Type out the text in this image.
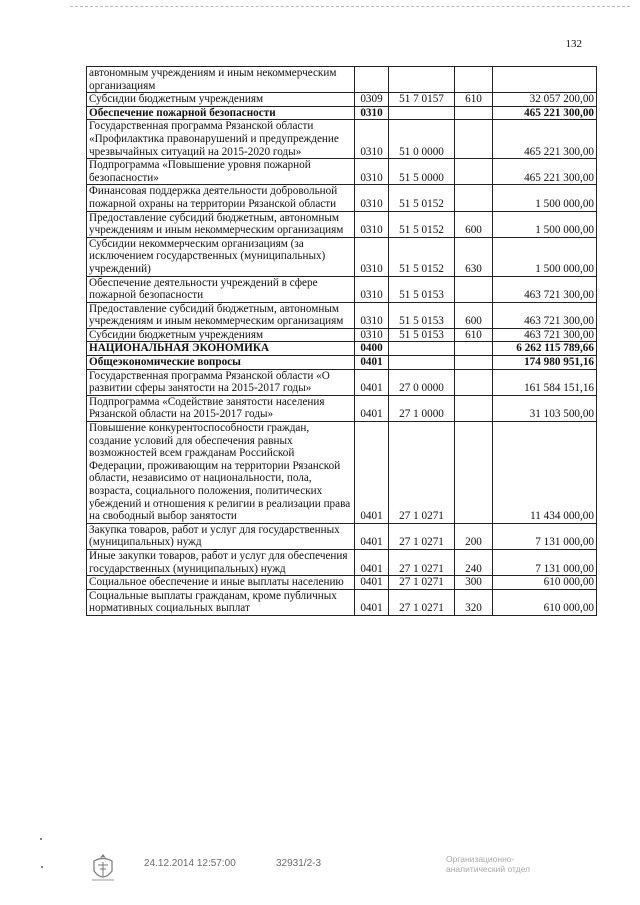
132
автономным учреждениям и иным некоммерческим организациям				
Субсидии бюджетным учреждениям	0309	51 7 0157	610	32 057 200,00
Обеспечение пожарной безопасности	0310			465 221 300,00
Государственная программа Рязанской области «Профилактика правонарушений и предупреждение чрезвычайных ситуаций на 2015-2020 годы»	0310	51 0 0000		465 221 300,00
Подпрограмма «Повышение уровня пожарной безопасности»	0310	51 5 0000		465 221 300,00
Финансовая поддержка деятельности добровольной пожарной охраны на территории Рязанской области	0310	51 5 0152		1 500 000,00
Предоставление субсидий бюджетным, автономным учреждениям и иным некоммерческим организациям	0310	51 5 0152	600	1 500 000,00
Субсидии некоммерческим организациям (за исключением государственных (муниципальных) учреждений)	0310	51 5 0152	630	1 500 000,00
Обеспечение деятельности учреждений в сфере пожарной безопасности	0310	51 5 0153		463 721 300,00
Предоставление субсидий бюджетным, автономным учреждениям и иным некоммерческим организациям	0310	51 5 0153	600	463 721 300,00
Субсидии бюджетным учреждениям	0310	51 5 0153	610	463 721 300,00
НАЦИОНАЛЬНАЯ ЭКОНОМИКА	0400			6 262 115 789,66
Общеэкономические вопросы	0401			174 980 951,16
Государственная программа Рязанской области «О развитии сферы занятости на 2015-2017 годы»	0401	27 0 0000		161 584 151,16
Подпрограмма «Содействие занятости населения Рязанской области на 2015-2017 годы»	0401	27 1 0000		31 103 500,00
Повышение конкурентоспособности граждан, создание условий для обеспечения равных возможностей всем гражданам Российской Федерации, проживающим на территории Рязанской области, независимо от национальности, пола, возраста, социального положения, политических убеждений и отношения к религии в реализации права на свободный выбор занятости	0401	27 1 0271		11 434 000,00
Закупка товаров, работ и услуг для государственных (муниципальных) нужд	0401	27 1 0271	200	7 131 000,00
Иные закупки товаров, работ и услуг для обеспечения государственных (муниципальных) нужд	0401	27 1 0271	240	7 131 000,00
Социальное обеспечение и иные выплаты населению	0401	27 1 0271	300	610 000,00
Социальные выплаты гражданам, кроме публичных нормативных социальных выплат	0401	27 1 0271	320	610 000,00
24.12.2014 12:57:00	32931/2-3	Организационно-аналитический отдел
